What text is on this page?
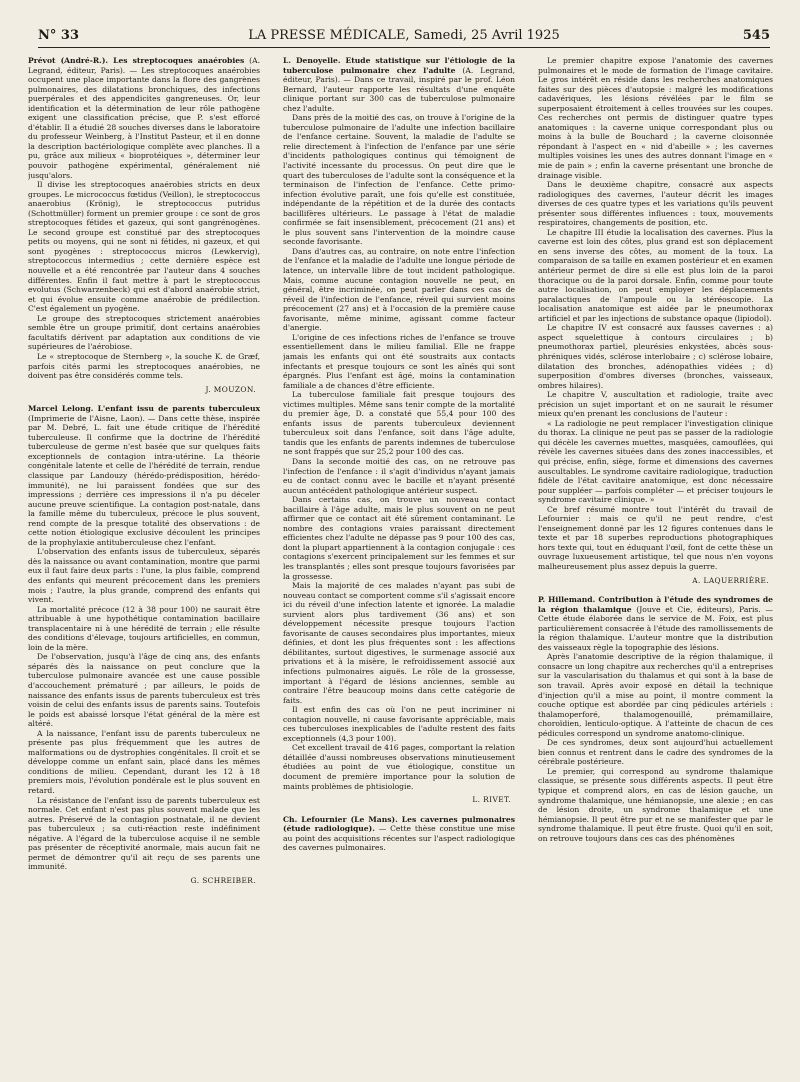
N° 33	LA PRESSE MÉDICALE, Samedi, 25 Avril 1925	545

Prévot (André-R.). Les streptocoques anaérobies (A. Legrand, éditeur, Paris). — Les streptocoques anaérobies occupent une place importante dans la flore des gangrènes pulmonaires, des dilatations bronchiques, des infections puerpérales et des appendicites gangreneuses. Or, leur identification et la détermination de leur rôle pathogène exigent une classification précise, que P. s'est efforcé d'établir. Il a étudié 28 souches diverses dans le laboratoire du professeur Weinberg, à l'Institut Pasteur, et il en donne la description bactériologique complète avec planches. Il a pu, grâce aux milieux « bioprotéiques », déterminer leur pouvoir pathogène expérimental, généralement nié jusqu'alors.

Il divise les streptocoques anaérobies stricts en deux groupes. Le micrococcus fœtidus (Veillon), le streptococcus anaerobius (Krönig), le streptococcus putridus (Schottmüller) forment un premier groupe : ce sont de gros streptocoques fétides et gazeux, qui sont gangrénogènes. Le second groupe est constitué par des streptocoques petits ou moyens, qui ne sont ni fétides, ni gazeux, et qui sont pyogènes : streptococcus micros (Lewkervig), streptococcus intermedius ; cette dernière espèce est nouvelle et a été rencontrée par l'auteur dans 4 souches différentes. Enfin il faut mettre à part le streptococcus evolutus (Schwarzenbeck) qui est d'abord anaérobie strict, et qui évolue ensuite comme anaérobie de prédilection. C'est également un pyogène.

Le groupe des streptocoques strictement anaérobies semble être un groupe primitif, dont certains anaérobies facultatifs dérivent par adaptation aux conditions de vie supérieures de l'aérobiose.

Le « streptocoque de Sternberg », la souche K. de Græf, parfois cités parmi les streptocoques anaérobies, ne doivent pas être considérés comme tels.

J. MOUZON.

Marcel Lelong. L'enfant issu de parents tuberculeux (Imprimerie de l'Aisne, Laon). — Dans cette thèse, inspirée par M. Debré, L. fait une étude critique de l'hérédité tuberculeuse. Il confirme que la doctrine de l'hérédité tuberculeuse de germe n'est basée que sur quelques faits exceptionnels de contagion intra-utérine. La théorie congénitale latente et celle de l'hérédité de terrain, rendue classique par Landouzy (hérédo-prédisposition, hérédo-immunité), ne lui paraissent fondées que sur des impressions ; derrière ces impressions il n'a pu déceler aucune preuve scientifique. La contagion post-natale, dans la famille même du tuberculeux, précoce le plus souvent, rend compte de la presque totalité des observations : de cette notion étiologique exclusive découlent les principes de la prophylaxie antituberculeuse chez l'enfant.

L'observation des enfants issus de tuberculeux, séparés dès la naissance ou avant contamination, montre que parmi eux il faut faire deux parts : l'une, la plus faible, comprend des enfants qui meurent précocement dans les premiers mois ; l'autre, la plus grande, comprend des enfants qui vivent.

La mortalité précoce (12 à 38 pour 100) ne saurait être attribuable à une hypothétique contamination bacillaire transplacentaire ni à une hérédité de terrain ; elle résulte des conditions d'élevage, toujours artificielles, en commun, loin de la mère.

De l'observation, jusqu'à l'âge de cinq ans, des enfants séparés dès la naissance on peut conclure que la tuberculose pulmonaire avancée est une cause possible d'accouchement prématuré ; par ailleurs, le poids de naissance des enfants issus de parents tuberculeux est très voisin de celui des enfants issus de parents sains. Toutefois le poids est abaissé lorsque l'état général de la mère est altéré.

A la naissance, l'enfant issu de parents tuberculeux ne présente pas plus fréquemment que les autres de malformations ou de dystrophies congénitales. Il croît et se développe comme un enfant sain, placé dans les mêmes conditions de milieu. Cependant, durant les 12 à 18 premiers mois, l'évolution pondérale est le plus souvent en retard.

La résistance de l'enfant issu de parents tuberculeux est normale. Cet enfant n'est pas plus souvent malade que les autres. Préservé de la contagion postnatale, il ne devient pas tuberculeux ; sa cuti-réaction reste indéfiniment négative. A l'égard de la tuberculose acquise il ne semble pas présenter de réceptivité anormale, mais aucun fait ne permet de démontrer qu'il ait reçu de ses parents une immunité.

G. SCHREIBER.

L. Denoyelle. Etude statistique sur l'étiologie de la tuberculose pulmonaire chez l'adulte (A. Legrand, éditeur, Paris). — Dans ce travail, inspiré par le prof. Léon Bernard, l'auteur rapporte les résultats d'une enquête clinique portant sur 300 cas de tuberculose pulmonaire chez l'adulte.

Dans près de la moitié des cas, on trouve à l'origine de la tuberculose pulmonaire de l'adulte une infection bacillaire de l'enfance certaine. Souvent, la maladie de l'adulte se relie directement à l'infection de l'enfance par une série d'incidents pathologiques continus qui témoignent de l'activité incessante du processus. On peut dire que le quart des tuberculoses de l'adulte sont la conséquence et la terminaison de l'infection de l'enfance. Cette primo-infection évolutive paraît, une fois qu'elle est constituée, indépendante de la répétition et de la durée des contacts bacillifères ultérieurs. Le passage à l'état de maladie confirmée se fait insensiblement, précocement (21 ans) et le plus souvent sans l'intervention de la moindre cause seconde favorisante.

Dans d'autres cas, au contraire, on note entre l'infection de l'enfance et la maladie de l'adulte une longue période de latence, un intervalle libre de tout incident pathologique. Mais, comme aucune contagion nouvelle ne peut, en général, être incriminée, on peut parler dans ces cas de réveil de l'infection de l'enfance, réveil qui survient moins précocement (27 ans) et à l'occasion de la première cause favorisante, même minime, agissant comme facteur d'anergie.

L'origine de ces infections riches de l'enfance se trouve essentiellement dans le milieu familial. Elle ne frappe jamais les enfants qui ont été soustraits aux contacts infectants et presque toujours ce sont les aînés qui sont épargnés. Plus l'enfant est âgé, moins la contamination familiale a de chances d'être efficiente.

La tuberculose familiale fait presque toujours des victimes multiples. Même sans tenir compte de la mortalité du premier âge, D. a constaté que 55,4 pour 100 des enfants issus de parents tuberculeux deviennent tuberculeux soit dans l'enfance, soit dans l'âge adulte, tandis que les enfants de parents indemnes de tuberculose ne sont frappés que sur 25,2 pour 100 des cas.

Dans la seconde moitié des cas, on ne retrouve pas l'infection de l'enfance : il s'agit d'individus n'ayant jamais eu de contact connu avec le bacille et n'ayant présenté aucun antécédent pathologique antérieur suspect.

Dans certains cas, on trouve un nouveau contact bacillaire à l'âge adulte, mais le plus souvent on ne peut affirmer que ce contact ait été sûrement contaminant. Le nombre des contagions vraies paraissant directement efficientes chez l'adulte ne dépasse pas 9 pour 100 des cas, dont la plupart appartiennent à la contagion conjugale : ces contagions s'exercent principalement sur les femmes et sur les transplantés ; elles sont presque toujours favorisées par la grossesse.

Mais la majorité de ces malades n'ayant pas subi de nouveau contact se comportent comme s'il s'agissait encore ici du réveil d'une infection latente et ignorée. La maladie survient alors plus tardivement (36 ans) et son développement nécessite presque toujours l'action favorisante de causes secondaires plus importantes, mieux définies, et dont les plus fréquentes sont : les affections débilitantes, surtout digestives, le surmenage associé aux privations et à la misère, le refroidissement associé aux infections pulmonaires aiguës. Le rôle de la grossesse, important à l'égard de lésions anciennes, semble au contraire l'être beaucoup moins dans cette catégorie de faits.

Il est enfin des cas où l'on ne peut incriminer ni contagion nouvelle, ni cause favorisante appréciable, mais ces tuberculoses inexplicables de l'adulte restent des faits exceptionnels (4,3 pour 100).

Cet excellent travail de 416 pages, comportant la relation détaillée d'aussi nombreuses observations minutieusement étudiées au point de vue étiologique, constitue un document de première importance pour la solution de maints problèmes de phtisiologie.

L. RIVET.

Ch. Lefournier (Le Mans). Les cavernes pulmonaires (étude radiologique). — Cette thèse constitue une mise au point des acquisitions récentes sur l'aspect radiologique des cavernes pulmonaires.

Le premier chapitre expose l'anatomie des cavernes pulmonaires et le mode de formation de l'image cavitaire. Le gros intérêt en réside dans les recherches anatomiques faites sur des pièces d'autopsie : malgré les modifications cadavériques, les lésions révélées par le film se superposaient étroitement à celles trouvées sur les coupes. Ces recherches ont permis de distinguer quatre types anatomiques : la caverne unique correspondant plus ou moins à la bulle de Bouchard ; la caverne cloisonnée répondant à l'aspect en « nid d'abeille » ; les cavernes multiples voisines les unes des autres donnant l'image en « mie de pain » ; enfin la caverne présentant une bronche de drainage visible.

Dans le deuxième chapitre, consacré aux aspects radiologiques des cavernes, l'auteur décrit les images diverses de ces quatre types et les variations qu'ils peuvent présenter sous différentes influences : toux, mouvements respiratoires, changements de position, etc.

Le chapitre III étudie la localisation des cavernes. Plus la caverne est loin des côtes, plus grand est son déplacement en sens inverse des côtes, au moment de la toux. La comparaison de sa taille en examen postérieur et en examen antérieur permet de dire si elle est plus loin de la paroi thoracique ou de la paroi dorsale. Enfin, comme pour toute autre localisation, on peut employer les déplacements paralactiques de l'ampoule ou la stéréoscopie. La localisation anatomique est aidée par le pneumothorax artificiel et par les injections de substance opaque (lipiodol).

Le chapitre IV est consacré aux fausses cavernes : a) aspect squelettique à contours circulaires ; b) pneumothorax partiel, pleurésies enkystées, abcès sous-phréniques vidés, sclérose interlobaire ; c) sclérose lobaire, dilatation des bronches, adénopathies vidées ; d) superposition d'ombres diverses (bronches, vaisseaux, ombres hilaires).

Le chapitre V, auscultation et radiologie, traite avec précision un sujet important et on ne saurait le résumer mieux qu'en prenant les conclusions de l'auteur :

« La radiologie ne peut remplacer l'investigation clinique du thorax. La clinique ne peut pas se passer de la radiologie qui décèle les cavernes muettes, masquées, camouflées, qui révèle les cavernes situées dans des zones inaccessibles, et qui précise, enfin, siège, forme et dimensions des cavernes auscultables. Le syndrome cavitaire radiologique, traduction fidèle de l'état cavitaire anatomique, est donc nécessaire pour suppléer — parfois compléter — et préciser toujours le syndrome cavitaire clinique. »

Ce bref résumé montre tout l'intérêt du travail de Lefournier : mais ce qu'il ne peut rendre, c'est l'enseignement donné par les 12 figures contenues dans le texte et par 18 superbes reproductions photographiques hors texte qui, tout en éduquant l'œil, font de cette thèse un ouvrage luxueusement artistique, tel que nous n'en voyons malheureusement plus assez depuis la guerre.

A. LAQUERRIÈRE.

P. Hillemand. Contribution à l'étude des syndromes de la région thalamique (Jouve et Cie, éditeurs), Paris. — Cette étude élaborée dans le service de M. Foix, est plus particulièrement consacrée à l'étude des ramollissements de la région thalamique. L'auteur montre que la distribution des vaisseaux règle la topographie des lésions.

Après l'anatomie descriptive de la région thalamique, il consacre un long chapitre aux recherches qu'il a entreprises sur la vascularisation du thalamus et qui sont à la base de son travail. Après avoir exposé en détail la technique d'injection qu'il a mise au point, il montre comment la couche optique est abordée par cinq pédicules artériels : thalamoperforé, thalamogenouillé, prémamillaire, choroïdien, lenticulo-optique. A l'atteinte de chacun de ces pédicules correspond un syndrome anatomo-clinique.

De ces syndromes, deux sont aujourd'hui actuellement bien connus et rentrent dans le cadre des syndromes de la cérébrale postérieure.

Le premier, qui correspond au syndrome thalamique classique, se présente sous différents aspects. Il peut être typique et comprend alors, en cas de lésion gauche, un syndrome thalamique, une hémianopsie, une alexie ; en cas de lésion droite, un syndrome thalamique et une hémianopsie. Il peut être pur et ne se manifester que par le syndrome thalamique. Il peut être fruste. Quoi qu'il en soit, on retrouve toujours dans ces cas des phénomènes
